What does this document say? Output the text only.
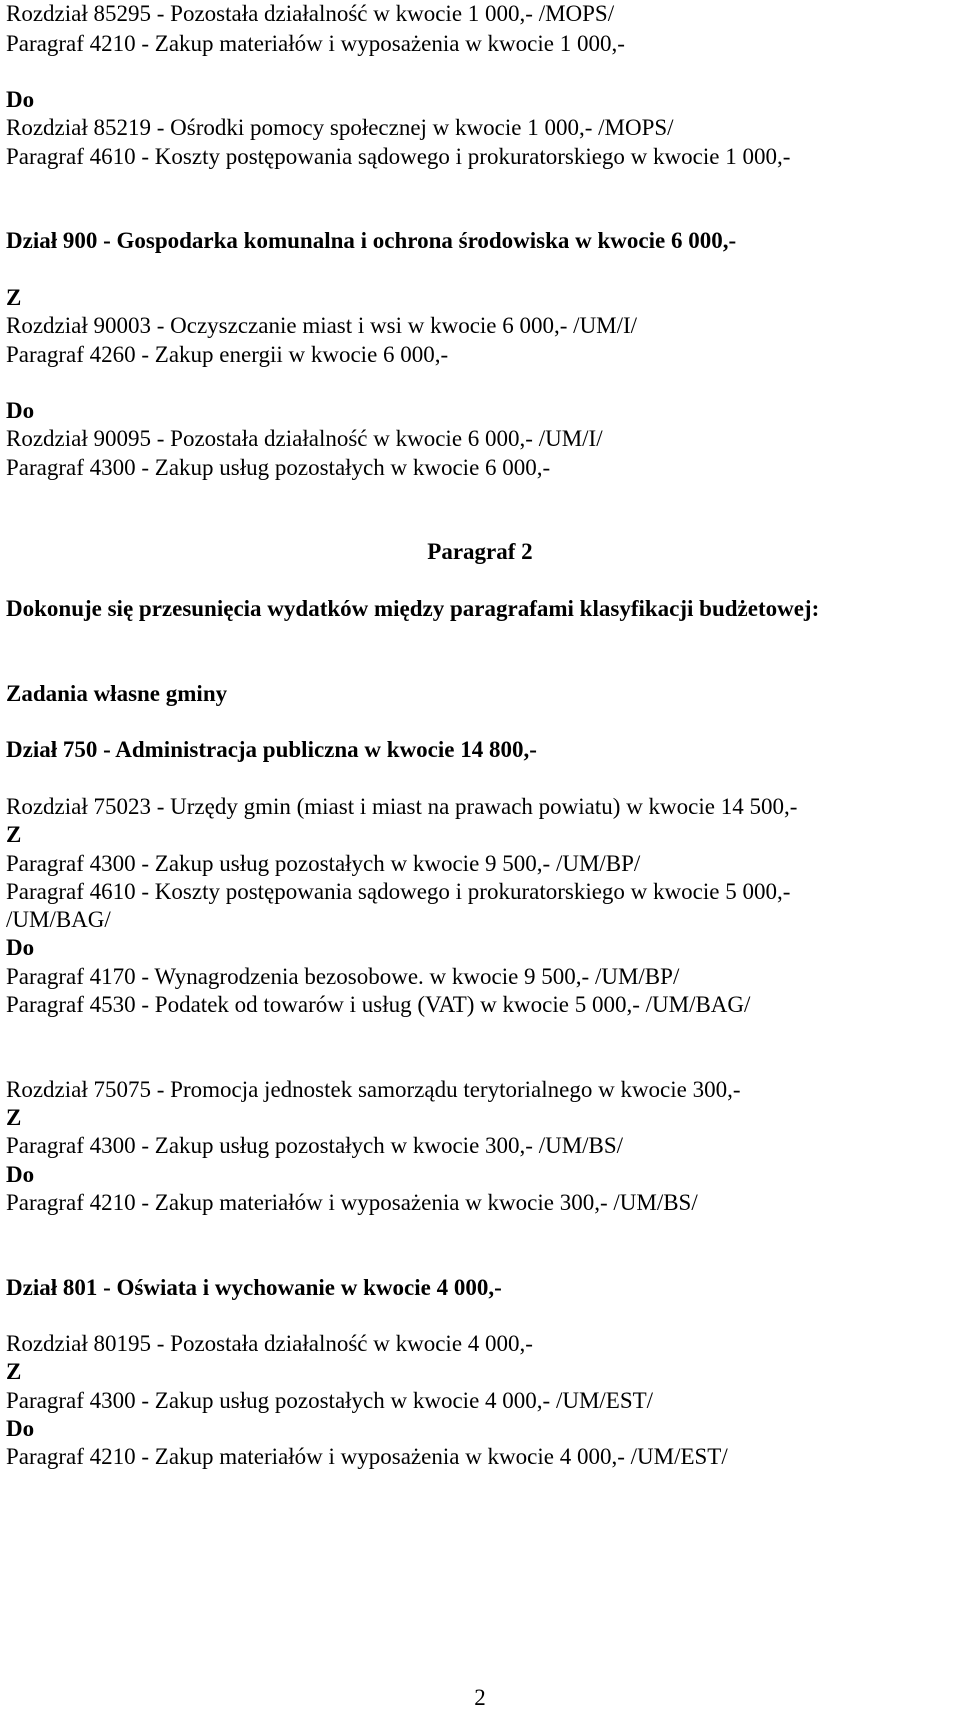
Rozdział 85295 - Pozostała działalność w kwocie 1 000,- /MOPS/
Paragraf 4210 - Zakup materiałów i wyposażenia w kwocie 1 000,-
Do
Rozdział 85219 - Ośrodki pomocy społecznej w kwocie 1 000,- /MOPS/
Paragraf 4610 - Koszty postępowania sądowego i prokuratorskiego w kwocie 1 000,-
Dział 900 - Gospodarka komunalna i ochrona środowiska w kwocie 6 000,-
Z
Rozdział 90003 - Oczyszczanie miast i wsi w kwocie 6 000,- /UM/I/
Paragraf 4260 - Zakup energii w kwocie 6 000,-
Do
Rozdział 90095 - Pozostała działalność w kwocie 6 000,- /UM/I/
Paragraf 4300 - Zakup usług pozostałych w kwocie 6 000,-
Paragraf 2
Dokonuje się przesunięcia wydatków między paragrafami klasyfikacji budżetowej:
Zadania własne gminy
Dział 750 - Administracja publiczna w kwocie 14 800,-
Rozdział 75023 - Urzędy gmin (miast i miast na prawach powiatu) w kwocie 14 500,-
Z
Paragraf 4300 - Zakup usług pozostałych w kwocie 9 500,- /UM/BP/
Paragraf 4610 - Koszty postępowania sądowego i prokuratorskiego w kwocie 5 000,-
/UM/BAG/
Do
Paragraf 4170 - Wynagrodzenia bezosobowe. w kwocie 9 500,- /UM/BP/
Paragraf 4530 - Podatek od towarów i usług (VAT) w kwocie 5 000,- /UM/BAG/
Rozdział 75075 - Promocja jednostek samorządu terytorialnego w kwocie 300,-
Z
Paragraf 4300 - Zakup usług pozostałych w kwocie 300,- /UM/BS/
Do
Paragraf 4210 - Zakup materiałów i wyposażenia w kwocie 300,- /UM/BS/
Dział 801 - Oświata i wychowanie w kwocie 4 000,-
Rozdział 80195 - Pozostała działalność w kwocie 4 000,-
Z
Paragraf 4300 - Zakup usług pozostałych w kwocie 4 000,- /UM/EST/
Do
Paragraf 4210 - Zakup materiałów i wyposażenia w kwocie 4 000,- /UM/EST/
2
